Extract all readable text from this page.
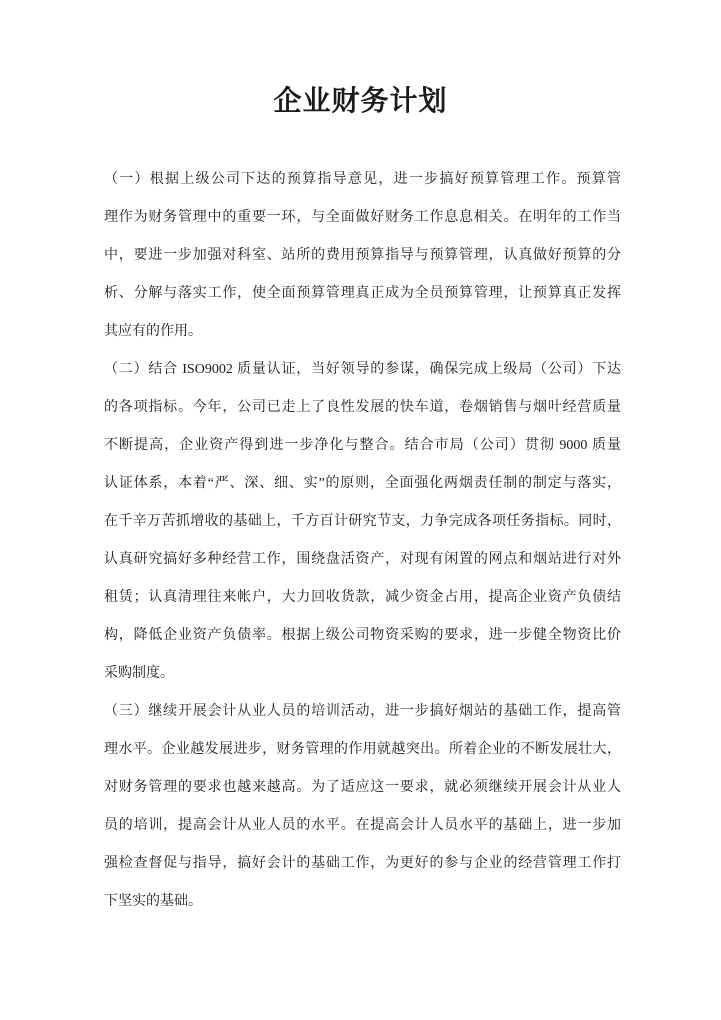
企业财务计划
（一）根据上级公司下达的预算指导意见，进一步搞好预算管理工作。预算管
理作为财务管理中的重要一环，与全面做好财务工作息息相关。在明年的工作当
中，要进一步加强对科室、站所的费用预算指导与预算管理，认真做好预算的分
析、分解与落实工作，使全面预算管理真正成为全员预算管理，让预算真正发挥
其应有的作用。
（二）结合 ISO9002 质量认证，当好领导的参谋，确保完成上级局（公司）下达
的各项指标。今年，公司已走上了良性发展的快车道，卷烟销售与烟叶经营质量
不断提高，企业资产得到进一步净化与整合。结合市局（公司）贯彻 9000 质量
认证体系，本着“严、深、细、实”的原则，全面强化两烟责任制的制定与落实，
在千辛万苦抓增收的基础上，千方百计研究节支，力争完成各项任务指标。同时，
认真研究搞好多种经营工作，围绕盘活资产，对现有闲置的网点和烟站进行对外
租赁；认真清理往来帐户，大力回收货款，减少资金占用，提高企业资产负债结
构，降低企业资产负债率。根据上级公司物资采购的要求，进一步健全物资比价
采购制度。
（三）继续开展会计从业人员的培训活动，进一步搞好烟站的基础工作，提高管
理水平。企业越发展进步，财务管理的作用就越突出。所着企业的不断发展壮大，
对财务管理的要求也越来越高。为了适应这一要求，就必须继续开展会计从业人
员的培训，提高会计从业人员的水平。在提高会计人员水平的基础上，进一步加
强检查督促与指导，搞好会计的基础工作，为更好的参与企业的经营管理工作打
下坚实的基础。
